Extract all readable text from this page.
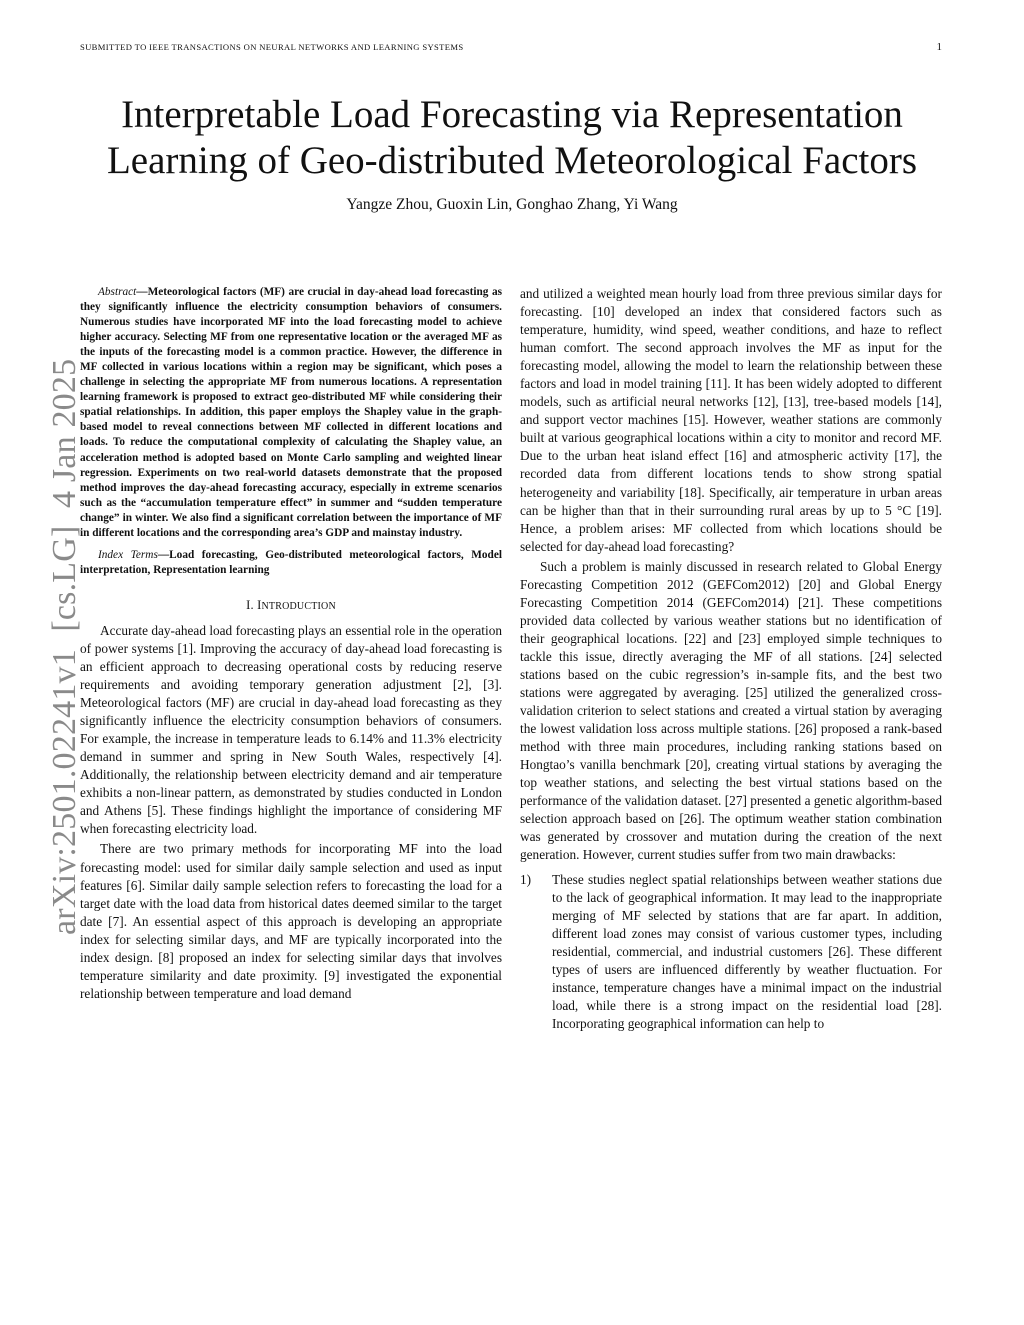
SUBMITTED TO IEEE TRANSACTIONS ON NEURAL NETWORKS AND LEARNING SYSTEMS	1
arXiv:2501.02241v1  [cs.LG]  4 Jan 2025
Interpretable Load Forecasting via Representation
Learning of Geo-distributed Meteorological Factors
Yangze Zhou, Guoxin Lin, Gonghao Zhang, Yi Wang

Abstract—Meteorological factors (MF) are crucial in day-ahead load forecasting as they significantly influence the electricity consumption behaviors of consumers. Numerous studies have incorporated MF into the load forecasting model to achieve higher accuracy. Selecting MF from one representative location or the averaged MF as the inputs of the forecasting model is a common practice. However, the difference in MF collected in various locations within a region may be significant, which poses a challenge in selecting the appropriate MF from numerous locations. A representation learning framework is proposed to extract geo-distributed MF while considering their spatial relationships. In addition, this paper employs the Shapley value in the graph-based model to reveal connections between MF collected in different locations and loads. To reduce the computational complexity of calculating the Shapley value, an acceleration method is adopted based on Monte Carlo sampling and weighted linear regression. Experiments on two real-world datasets demonstrate that the proposed method improves the day-ahead forecasting accuracy, especially in extreme scenarios such as the “accumulation temperature effect” in summer and “sudden temperature change” in winter. We also find a significant correlation between the importance of MF in different locations and the corresponding area’s GDP and mainstay industry.

Index Terms—Load forecasting, Geo-distributed meteorological factors, Model interpretation, Representation learning

I. INTRODUCTION

Accurate day-ahead load forecasting plays an essential role in the operation of power systems [1]. Improving the accuracy of day-ahead load forecasting is an efficient approach to decreasing operational costs by reducing reserve requirements and avoiding temporary generation adjustment [2], [3]. Meteorological factors (MF) are crucial in day-ahead load forecasting as they significantly influence the electricity consumption behaviors of consumers. For example, the increase in temperature leads to 6.14% and 11.3% electricity demand in summer and spring in New South Wales, respectively [4]. Additionally, the relationship between electricity demand and air temperature exhibits a non-linear pattern, as demonstrated by studies conducted in London and Athens [5]. These findings highlight the importance of considering MF when forecasting electricity load.

There are two primary methods for incorporating MF into the load forecasting model: used for similar daily sample selection and used as input features [6]. Similar daily sample selection refers to forecasting the load for a target date with the load data from historical dates deemed similar to the target date [7]. An essential aspect of this approach is developing an appropriate index for selecting similar days, and MF are typically incorporated into the index design. [8] proposed an index for selecting similar days that involves temperature similarity and date proximity. [9] investigated the exponential relationship between temperature and load demand

and utilized a weighted mean hourly load from three previous similar days for forecasting. [10] developed an index that considered factors such as temperature, humidity, wind speed, weather conditions, and haze to reflect human comfort. The second approach involves the MF as input for the forecasting model, allowing the model to learn the relationship between these factors and load in model training [11]. It has been widely adopted to different models, such as artificial neural networks [12], [13], tree-based models [14], and support vector machines [15]. However, weather stations are commonly built at various geographical locations within a city to monitor and record MF. Due to the urban heat island effect [16] and atmospheric activity [17], the recorded data from different locations tends to show strong spatial heterogeneity and variability [18]. Specifically, air temperature in urban areas can be higher than that in their surrounding rural areas by up to 5 °C [19]. Hence, a problem arises: MF collected from which locations should be selected for day-ahead load forecasting?

Such a problem is mainly discussed in research related to Global Energy Forecasting Competition 2012 (GEFCom2012) [20] and Global Energy Forecasting Competition 2014 (GEFCom2014) [21]. These competitions provided data collected by various weather stations but no identification of their geographical locations. [22] and [23] employed simple techniques to tackle this issue, directly averaging the MF of all stations. [24] selected stations based on the cubic regression’s in-sample fits, and the best two stations were aggregated by averaging. [25] utilized the generalized cross-validation criterion to select stations and created a virtual station by averaging the lowest validation loss across multiple stations. [26] proposed a rank-based method with three main procedures, including ranking stations based on Hongtao’s vanilla benchmark [20], creating virtual stations by averaging the top weather stations, and selecting the best virtual stations based on the performance of the validation dataset. [27] presented a genetic algorithm-based selection approach based on [26]. The optimum weather station combination was generated by crossover and mutation during the creation of the next generation. However, current studies suffer from two main drawbacks:

1) These studies neglect spatial relationships between weather stations due to the lack of geographical information. It may lead to the inappropriate merging of MF selected by stations that are far apart. In addition, different load zones may consist of various customer types, including residential, commercial, and industrial customers [26]. These different types of users are influenced differently by weather fluctuation. For instance, temperature changes have a minimal impact on the industrial load, while there is a strong impact on the residential load [28]. Incorporating geographical information can help to
